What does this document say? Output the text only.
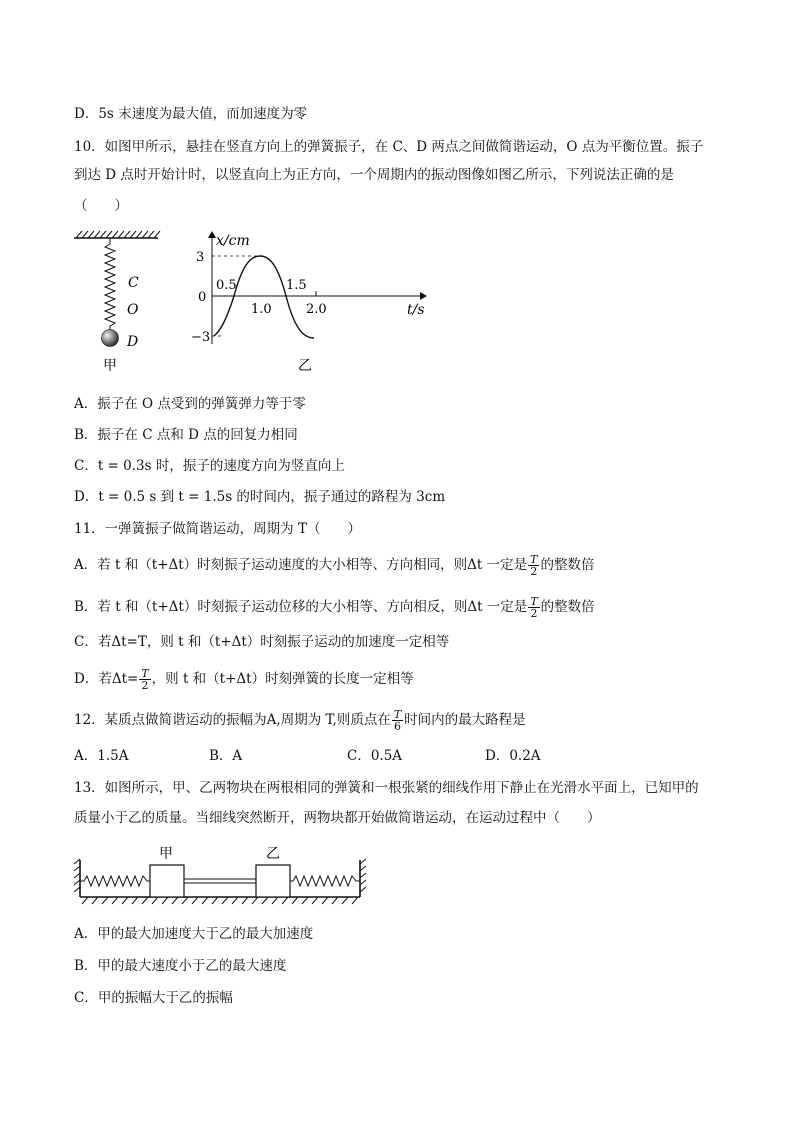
D．5s 末速度为最大值，而加速度为零
10．如图甲所示，悬挂在竖直方向上的弹簧振子，在 C、D 两点之间做简谐运动，O 点为平衡位置。振子
到达 D 点时开始计时，以竖直向上为正方向，一个周期内的振动图像如图乙所示，下列说法正确的是
（　　）
C
O
D
甲
x/cm
t/s
3
0
−3
0.5
1.0
1.5
2.0
乙
A．振子在 O 点受到的弹簧弹力等于零
B．振子在 C 点和 D 点的回复力相同
C．t = 0.3s 时，振子的速度方向为竖直向上
D．t = 0.5 s 到 t = 1.5s 的时间内，振子通过的路程为 3cm
11．一弹簧振子做简谐运动，周期为 T（　　）
A．若 t 和（t+Δt）时刻振子运动速度的大小相等、方向相同，则Δt 一定是 $\frac{T}{2}$ 的整数倍
B．若 t 和（t+Δt）时刻振子运动位移的大小相等、方向相反，则Δt 一定是 $\frac{T}{2}$ 的整数倍
C．若Δt=T，则 t 和（t+Δt）时刻振子运动的加速度一定相等
D．若$\Delta t= \frac{T}{2}$ ，则 t 和（t+Δt）时刻弹簧的长度一定相等
12．某质点做简谐运动的振幅为A,周期为 T,则质点在 $\frac{T}{6}$ 时间内的最大路程是
A．1.5A	B．A	C．0.5A	D．0.2A
13．如图所示，甲、乙两物块在两根相同的弹簧和一根张紧的细线作用下静止在光滑水平面上，已知甲的
质量小于乙的质量。当细线突然断开，两物块都开始做简谐运动，在运动过程中（　　）
甲	乙
A．甲的最大加速度大于乙的最大加速度
B．甲的最大速度小于乙的最大速度
C．甲的振幅大于乙的振幅
